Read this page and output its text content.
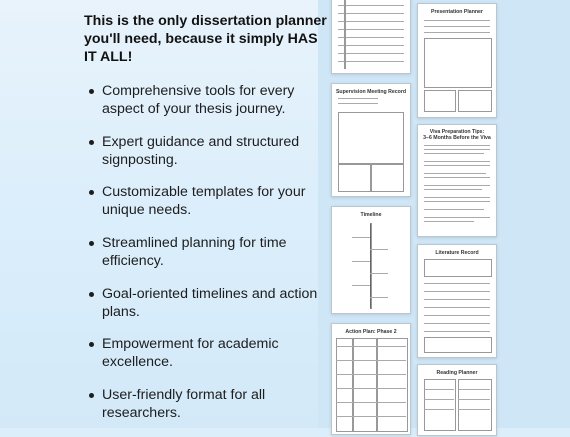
This is the only dissertation planner you'll need, because it simply HAS IT ALL!
Comprehensive tools for every aspect of your thesis journey.
Expert guidance and structured signposting.
Customizable templates for your unique needs.
Streamlined planning for time efficiency.
Goal-oriented timelines and action plans.
Empowerment for academic excellence.
User-friendly format for all researchers.
Supervision Meeting Record
Timeline
Action Plan: Phase 2
Presentation Planner
Viva Preparation Tips:
3–6 Months Before the Viva
Literature Record
Reading Planner
